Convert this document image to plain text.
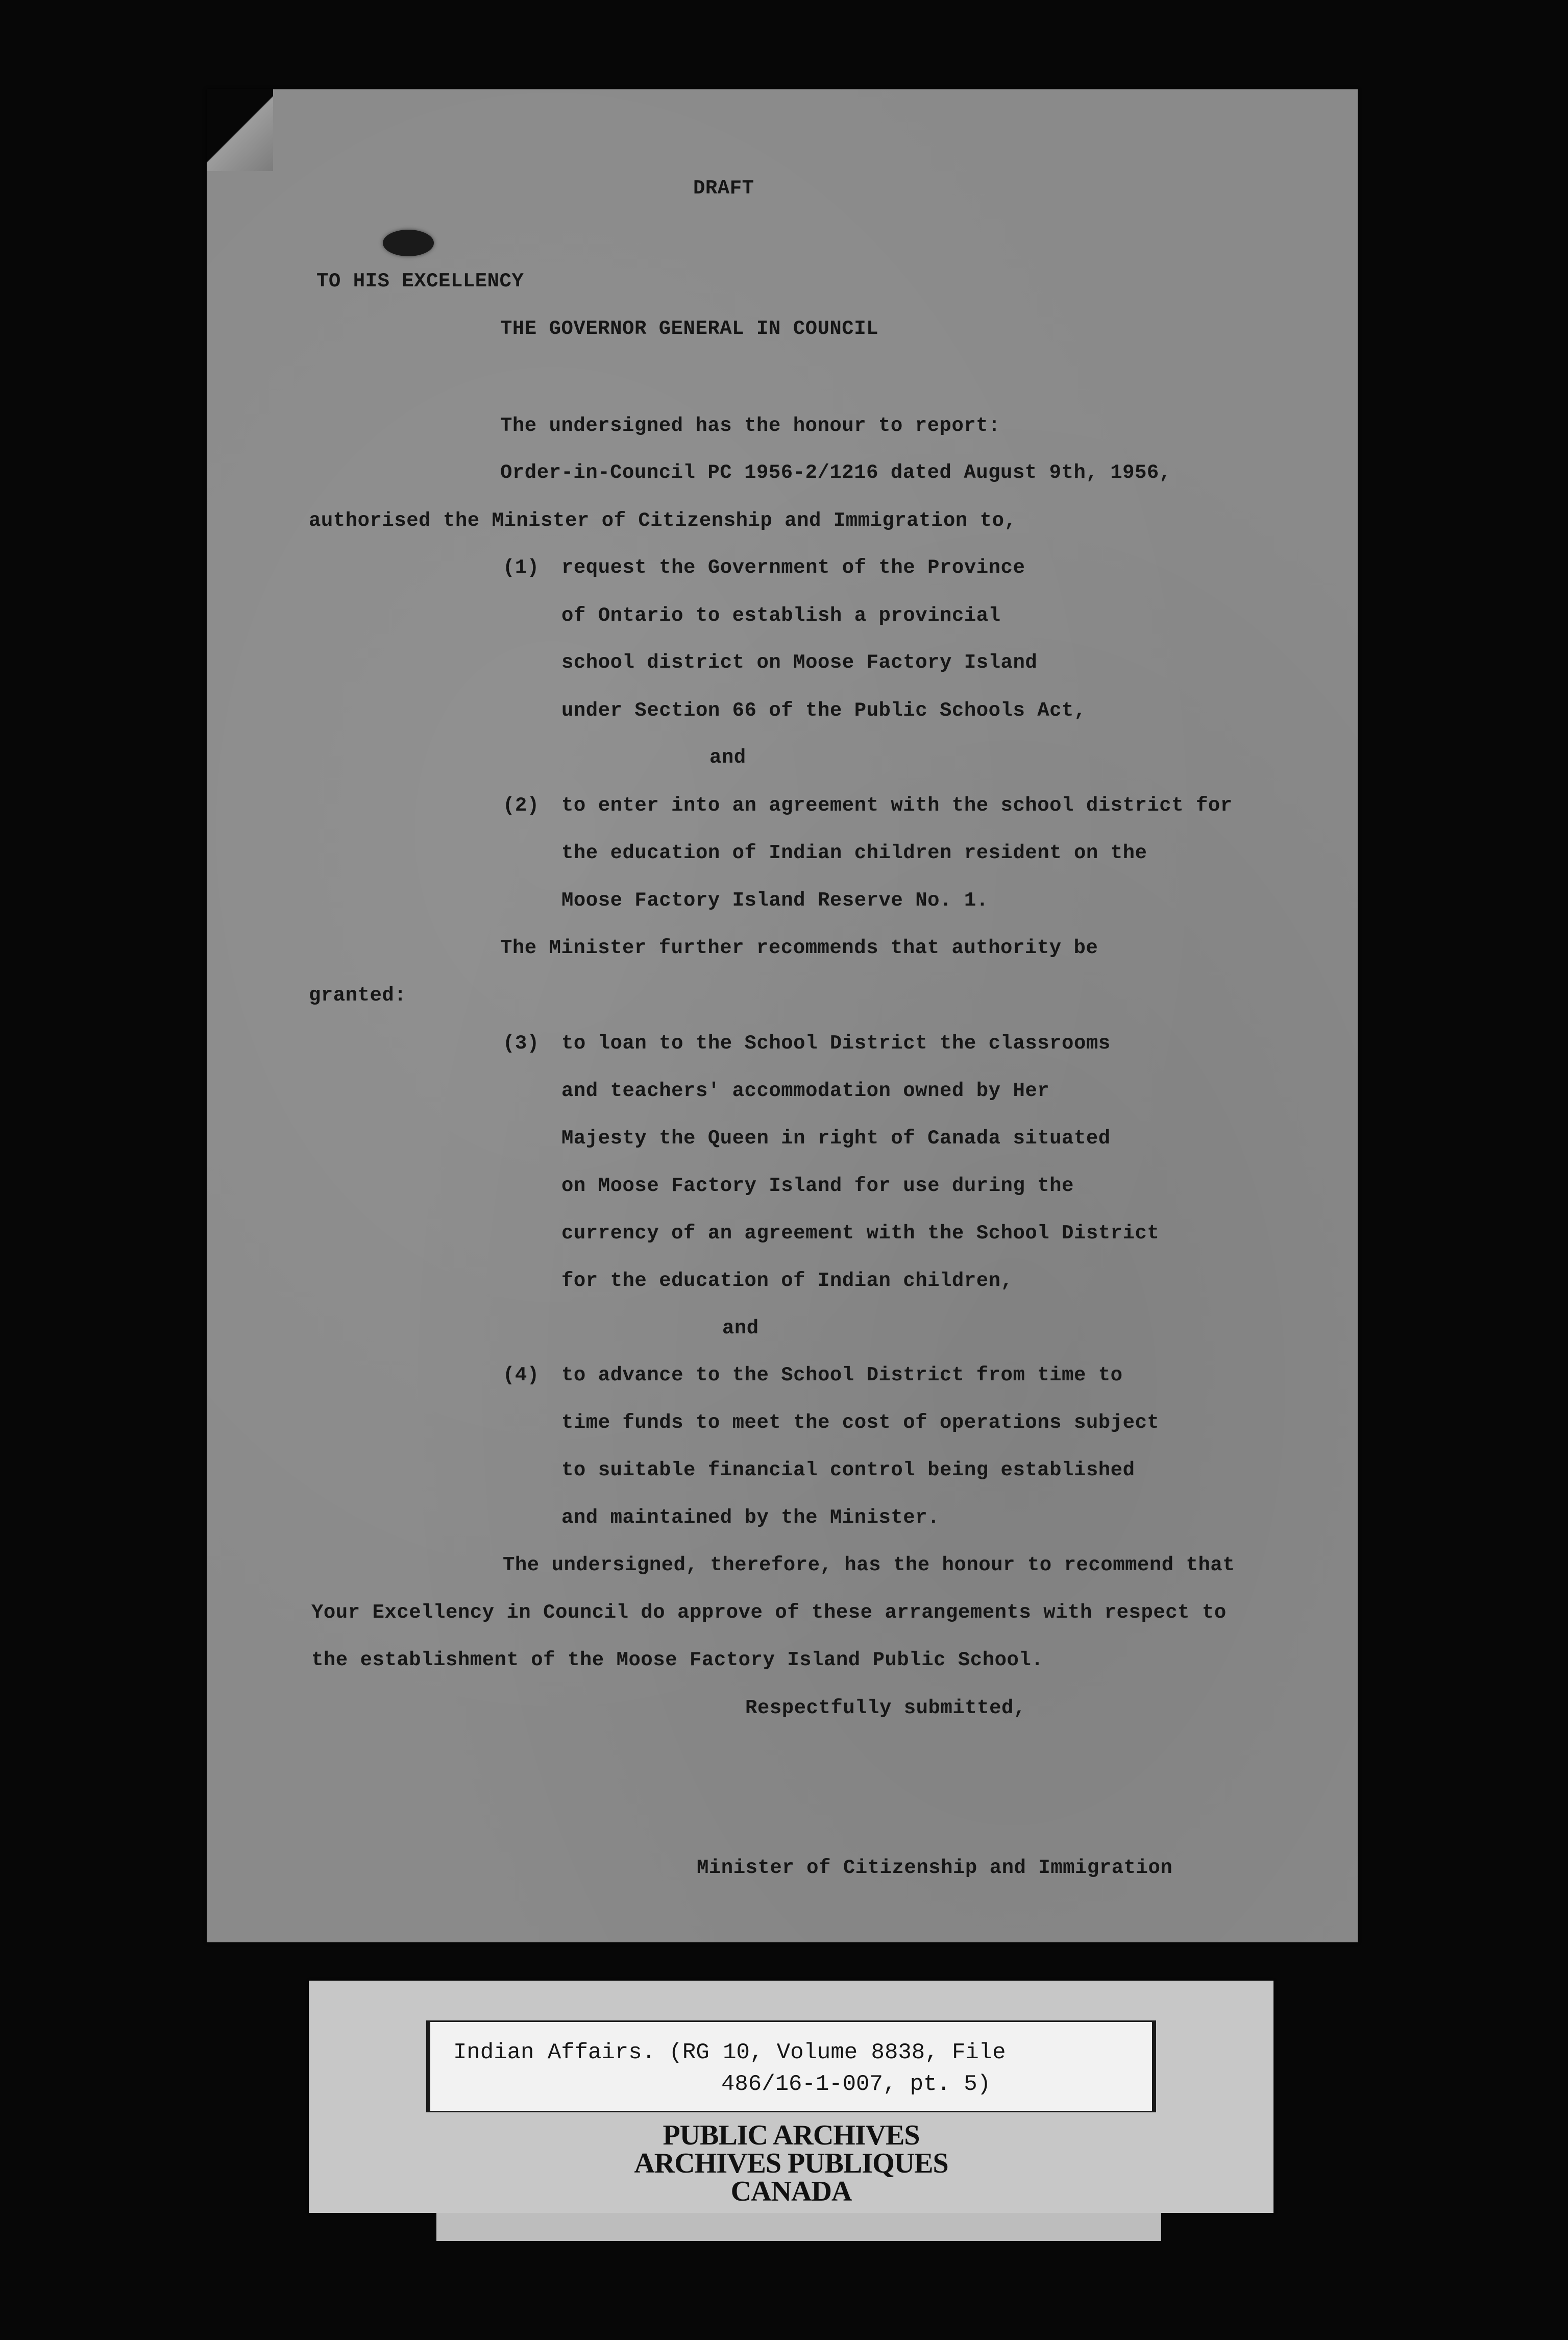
DRAFT

TO HIS EXCELLENCY

THE GOVERNOR GENERAL IN COUNCIL

The undersigned has the honour to report:

Order-in-Council PC 1956-2/1216 dated August 9th, 1956,

authorised the Minister of Citizenship and Immigration to,

(1) request the Government of the Province

of Ontario to establish a provincial

school district on Moose Factory Island

under Section 66 of the Public Schools Act,

and

(2) to enter into an agreement with the school district for

the education of Indian children resident on the

Moose Factory Island Reserve No. 1.

The Minister further recommends that authority be

granted:

(3) to loan to the School District the classrooms

and teachers' accommodation owned by Her

Majesty the Queen in right of Canada situated

on Moose Factory Island for use during the

currency of an agreement with the School District

for the education of Indian children,

and

(4) to advance to the School District from time to

time funds to meet the cost of operations subject

to suitable financial control being established

and maintained by the Minister.

The undersigned, therefore, has the honour to recommend that

Your Excellency in Council do approve of these arrangements with respect to

the establishment of the Moose Factory Island Public School.

Respectfully submitted,

Minister of Citizenship and Immigration

PUBLIC ARCHIVES

ARCHIVES PUBLIQUES

CANADA

Indian Affairs. (RG 10, Volume 8838, File

486/16-1-007, pt. 5)
